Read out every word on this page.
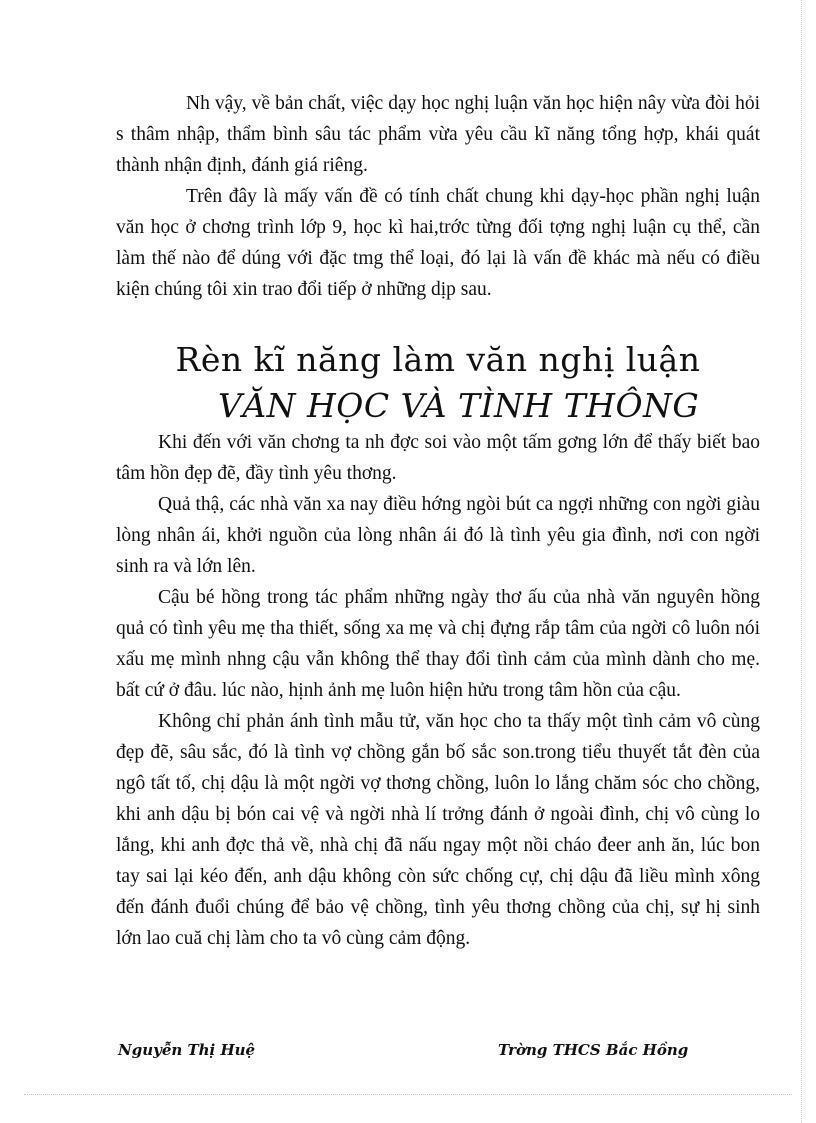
Nh vậy, về bản chất, việc dạy học nghị luận văn học hiện nây vừa đòi hỏi s thâm nhập, thẩm bình sâu tác phẩm vừa yêu cầu kĩ năng tổng hợp, khái quát thành nhận định, đánh giá riêng.

Trên đây là mấy vấn đề có tính chất chung khi dạy-học phần nghị luận văn học ở chơng trình lớp 9, học kì hai,trớc từng đối tợng nghị luận cụ thể, cần làm thế nào để dúng với đặc tmg thể loại, đó lại là vấn đề khác mà nếu có điều kiện chúng tôi xin trao đổi tiếp ở những dịp sau.

Rèn kĩ năng làm văn nghị luận
VĂN HỌC VÀ TÌNH THÔNG

Khi đến với văn chơng ta nh đợc soi vào một tấm gơng lớn để thấy biết bao tâm hồn đẹp đẽ, đầy tình yêu thơng.

Quả thậ, các nhà văn xa nay điều hớng ngòi bút ca ngợi những con ngời giàu lòng nhân ái, khởi nguồn của lòng nhân ái đó là tình yêu gia đình, nơi con ngời sinh ra và lớn lên.

Cậu bé hồng trong tác phẩm những ngày thơ ấu của nhà văn nguyên hồng quả có tình yêu mẹ tha thiết, sống xa mẹ và chị đựng rắp tâm của ngời cô luôn nói xấu mẹ mình nhng cậu vẫn không thể thay đổi tình cảm của mình dành cho mẹ. bất cứ ở đâu. lúc nào, hịnh ảnh mẹ luôn hiện hửu trong tâm hồn của cậu.

Không chỉ phản ánh tình mẫu tử, văn học cho ta thấy một tình cảm vô cùng đẹp đẽ, sâu sắc, đó là tình vợ chồng gắn bố sắc son.trong tiểu thuyết tắt đèn của ngô tất tố, chị dậu là một ngời vợ thơng chồng, luôn lo lắng chăm sóc cho chồng, khi anh dậu bị bón cai vệ và ngời nhà lí trởng đánh ở ngoài đình, chị vô cùng lo lắng, khi anh đợc thả về, nhà chị đã nấu ngay một nồi cháo đeer anh ăn, lúc bon tay sai lại kéo đến, anh dậu không còn sức chống cự, chị dậu đã liều mình xông đến đánh đuổi chúng để bảo vệ chồng, tình yêu thơng chồng của chị, sự hị sinh lớn lao cuă chị làm cho ta vô cùng cảm động.

Nguyễn Thị Huệ	Trờng THCS Bắc Hồng
